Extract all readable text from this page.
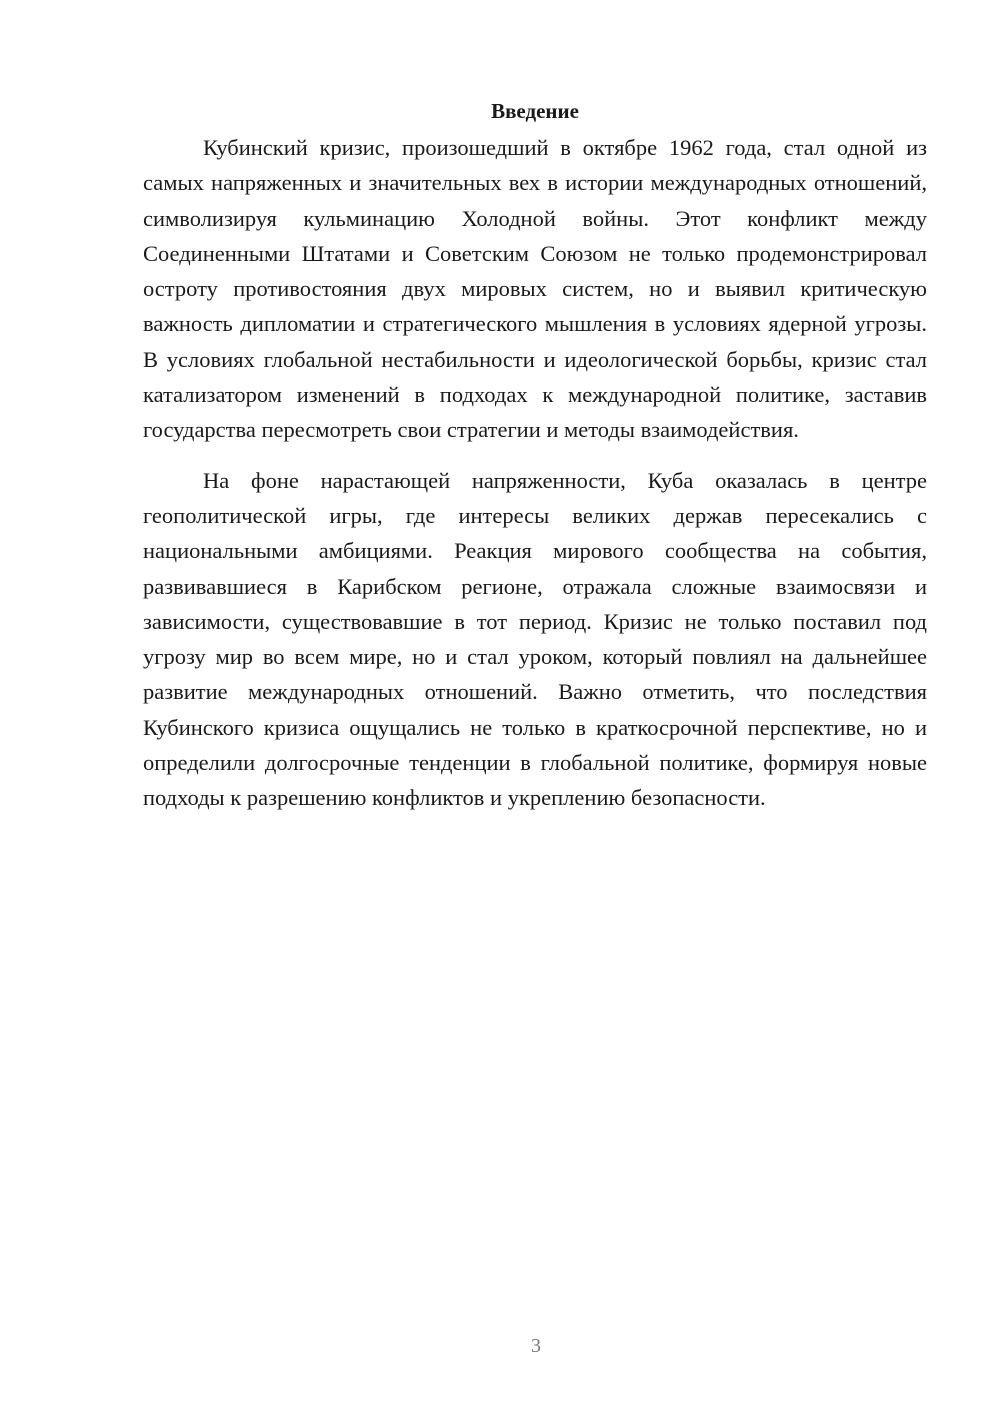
Введение

Кубинский кризис, произошедший в октябре 1962 года, стал одной из самых напряженных и значительных вех в истории международных отношений, символизируя кульминацию Холодной войны. Этот конфликт между Соединенными Штатами и Советским Союзом не только продемонстрировал остроту противостояния двух мировых систем, но и выявил критическую важность дипломатии и стратегического мышления в условиях ядерной угрозы. В условиях глобальной нестабильности и идеологической борьбы, кризис стал катализатором изменений в подходах к международной политике, заставив государства пересмотреть свои стратегии и методы взаимодействия.

На фоне нарастающей напряженности, Куба оказалась в центре геополитической игры, где интересы великих держав пересекались с национальными амбициями. Реакция мирового сообщества на события, развивавшиеся в Карибском регионе, отражала сложные взаимосвязи и зависимости, существовавшие в тот период. Кризис не только поставил под угрозу мир во всем мире, но и стал уроком, который повлиял на дальнейшее развитие международных отношений. Важно отметить, что последствия Кубинского кризиса ощущались не только в краткосрочной перспективе, но и определили долгосрочные тенденции в глобальной политике, формируя новые подходы к разрешению конфликтов и укреплению безопасности.

3
